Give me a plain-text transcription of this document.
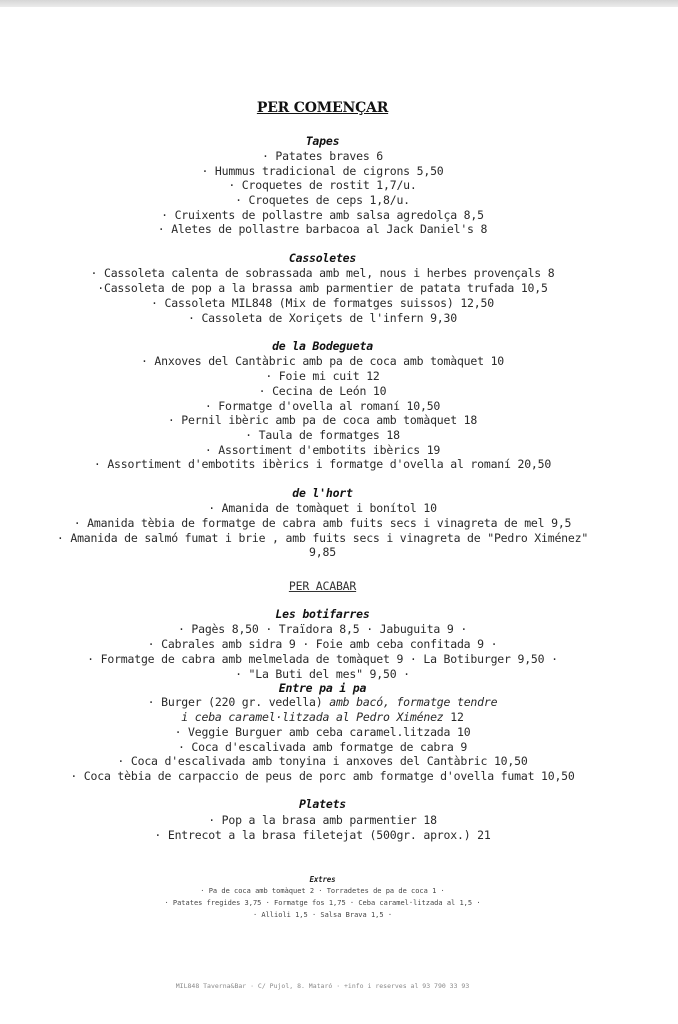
PER COMENÇAR
Tapes
· Patates braves 6
· Hummus tradicional de cigrons 5,50
· Croquetes de rostit 1,7/u.
· Croquetes de ceps 1,8/u.
· Cruixents de pollastre amb salsa agredolça 8,5
· Aletes de pollastre barbacoa al Jack Daniel's 8
Cassoletes
· Cassoleta calenta de sobrassada amb mel, nous i herbes provençals 8
·Cassoleta de pop a la brassa amb parmentier de patata trufada 10,5
· Cassoleta MIL848 (Mix de formatges suissos) 12,50
· Cassoleta de Xoriçets de l'infern 9,30
de la Bodegueta
· Anxoves del Cantàbric amb pa de coca amb tomàquet 10
· Foie mi cuit 12
· Cecina de León 10
· Formatge d'ovella al romaní 10,50
· Pernil ibèric amb pa de coca amb tomàquet 18
· Taula de formatges 18
· Assortiment d'embotits ibèrics 19
· Assortiment d'embotits ibèrics i formatge d'ovella al romaní 20,50
de l'hort
· Amanida de tomàquet i bonítol 10
· Amanida tèbia de formatge de cabra amb fuits secs i vinagreta de mel 9,5
· Amanida de salmó fumat i brie , amb fuits secs i vinagreta de "Pedro Ximénez"
9,85
PER ACABAR
Les botifarres
· Pagès 8,50 · Traïdora 8,5 · Jabuguita 9 ·
· Cabrales amb sidra 9 · Foie amb ceba confitada 9 ·
· Formatge de cabra amb melmelada de tomàquet 9 · La Botiburger 9,50 ·
· "La Buti del mes" 9,50 ·
Entre pa i pa
· Burger (220 gr. vedella) amb bacó, formatge tendre
i ceba caramel·litzada al Pedro Ximénez 12
· Veggie Burguer amb ceba caramel.litzada 10
· Coca d'escalivada amb formatge de cabra 9
· Coca d'escalivada amb tonyina i anxoves del Cantàbric 10,50
· Coca tèbia de carpaccio de peus de porc amb formatge d'ovella fumat 10,50
Platets
· Pop a la brasa amb parmentier 18
· Entrecot a la brasa filetejat (500gr. aprox.) 21
Extres
· Pa de coca amb tomàquet 2 · Torradetes de pa de coca 1 ·
· Patates fregides 3,75 · Formatge fos 1,75 · Ceba caramel·litzada al 1,5 ·
· Allioli 1,5 · Salsa Brava 1,5 ·
MIL848 Taverna&Bar · C/ Pujol, 8. Mataró · +info i reserves al 93 790 33 93
